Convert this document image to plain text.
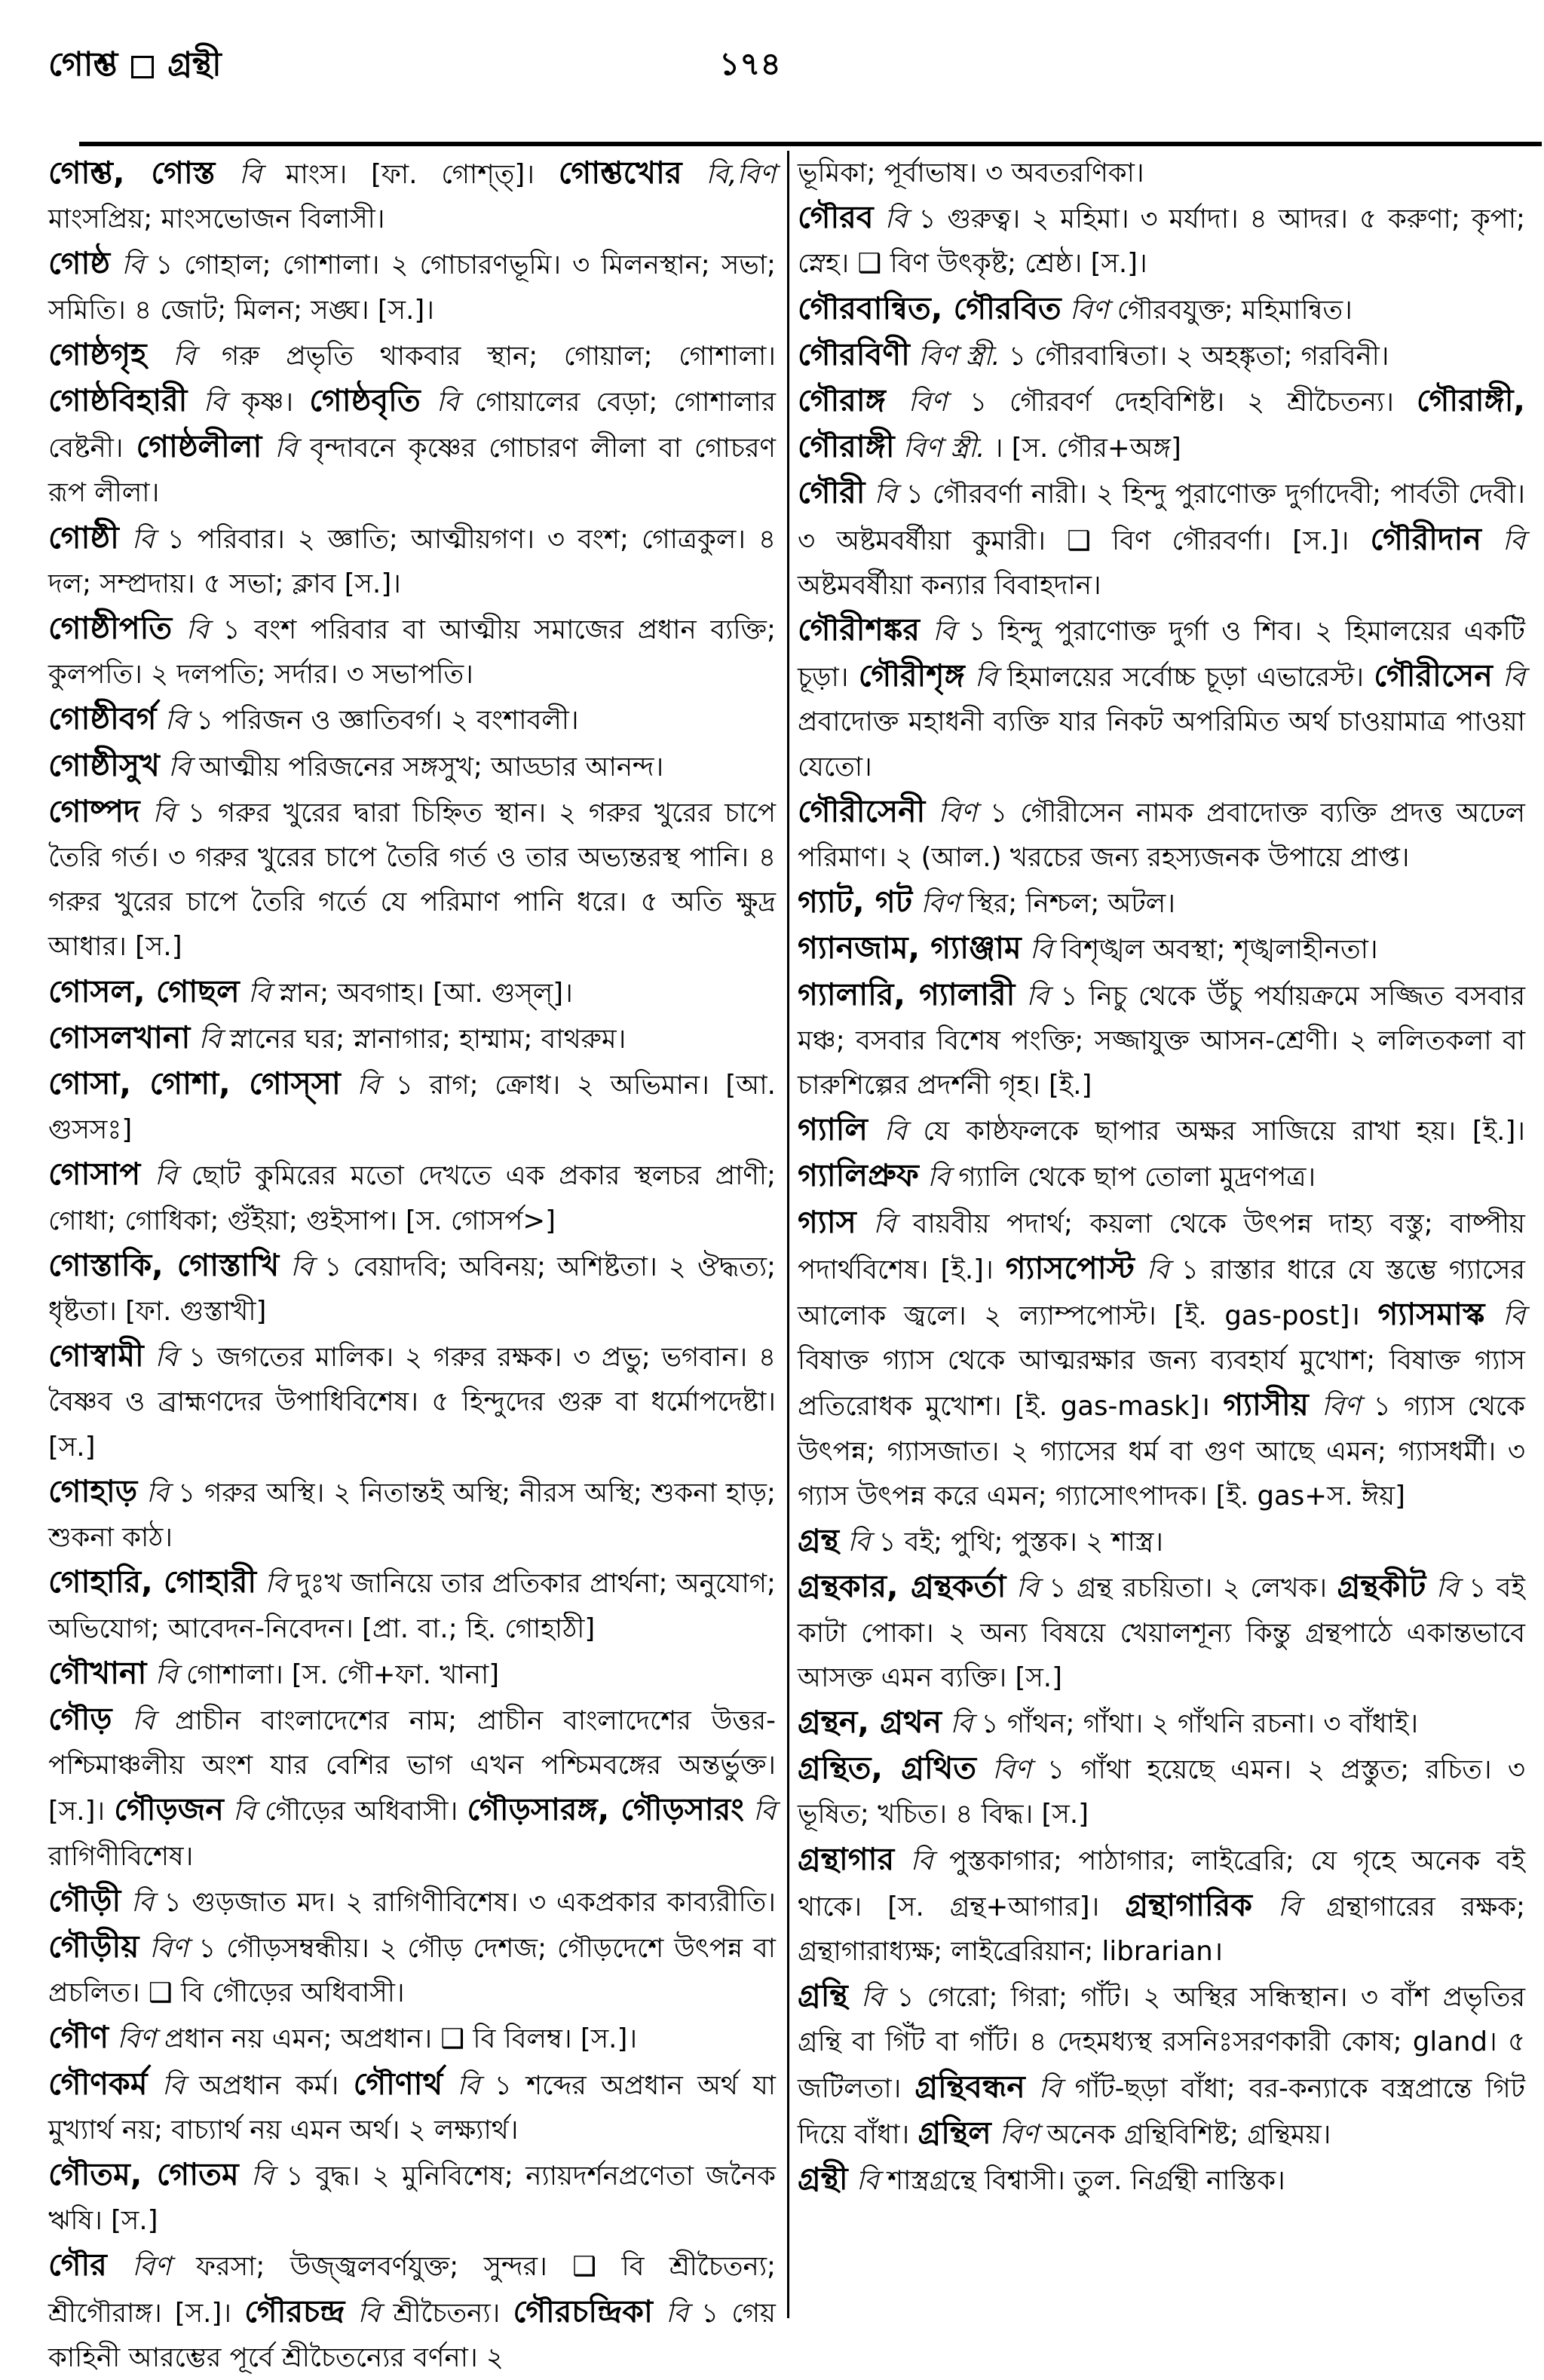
গোশ্ত গ্রন্থী	১৭৪

গোশ্ত, গোস্ত বি মাংস। [ফা. গোশ্ত্]। গোশ্তখোর বি,বিণ মাংসপ্রিয়; মাংসভোজন বিলাসী।

গোষ্ঠ বি ১ গোহাল; গোশালা। ২ গোচারণভূমি। ৩ মিলনস্থান; সভা; সমিতি। ৪ জোট; মিলন; সঙ্ঘ। [স.]।

গোষ্ঠগৃহ বি গরু প্রভৃতি থাকবার স্থান; গোয়াল; গোশালা। গোষ্ঠবিহারী বি কৃষ্ণ। গোষ্ঠবৃতি বি গোয়ালের বেড়া; গোশালার বেষ্টনী। গোষ্ঠলীলা বি বৃন্দাবনে কৃষ্ণের গোচারণ লীলা বা গোচরণ রূপ লীলা।

গোষ্ঠী বি ১ পরিবার। ২ জ্ঞাতি; আত্মীয়গণ। ৩ বংশ; গোত্রকুল। ৪ দল; সম্প্রদায়। ৫ সভা; ক্লাব [স.]।

গোষ্ঠীপতি বি ১ বংশ পরিবার বা আত্মীয় সমাজের প্রধান ব্যক্তি; কুলপতি। ২ দলপতি; সর্দার। ৩ সভাপতি।

গোষ্ঠীবর্গ বি ১ পরিজন ও জ্ঞাতিবর্গ। ২ বংশাবলী।

গোষ্ঠীসুখ বি আত্মীয় পরিজনের সঙ্গসুখ; আড্ডার আনন্দ।

গোষ্পদ বি ১ গরুর খুরের দ্বারা চিহ্নিত স্থান। ২ গরুর খুরের চাপে তৈরি গর্ত। ৩ গরুর খুরের চাপে তৈরি গর্ত ও তার অভ্যন্তরস্থ পানি। ৪ গরুর খুরের চাপে তৈরি গর্তে যে পরিমাণ পানি ধরে। ৫ অতি ক্ষুদ্র আধার। [স.]

গোসল, গোছল বি স্নান; অবগাহ। [আ. গুস্ল্]।

গোসলখানা বি স্নানের ঘর; স্নানাগার; হাম্মাম; বাথরুম।

গোসা, গোশা, গোস্সা বি ১ রাগ; ক্রোধ। ২ অভিমান। [আ. গুসসঃ]

গোসাপ বি ছোট কুমিরের মতো দেখতে এক প্রকার স্থলচর প্রাণী; গোধা; গোধিকা; গুঁইয়া; গুইসাপ। [স. গোসর্প>]

গোস্তাকি, গোস্তাখি বি ১ বেয়াদবি; অবিনয়; অশিষ্টতা। ২ ঔদ্ধত্য; ধৃষ্টতা। [ফা. গুস্তাখী]

গোস্বামী বি ১ জগতের মালিক। ২ গরুর রক্ষক। ৩ প্রভু; ভগবান। ৪ বৈষ্ণব ও ব্রাহ্মণদের উপাধিবিশেষ। ৫ হিন্দুদের গুরু বা ধর্মোপদেষ্টা। [স.]

গোহাড় বি ১ গরুর অস্থি। ২ নিতান্তই অস্থি; নীরস অস্থি; শুকনা হাড়; শুকনা কাঠ।

গোহারি, গোহারী বি দুঃখ জানিয়ে তার প্রতিকার প্রার্থনা; অনুযোগ; অভিযোগ; আবেদন-নিবেদন। [প্রা. বা.; হি. গোহাঠী]

গৌখানা বি গোশালা। [স. গৌ+ফা. খানা]

গৌড় বি প্রাচীন বাংলাদেশের নাম; প্রাচীন বাংলাদেশের উত্তর-পশ্চিমাঞ্চলীয় অংশ যার বেশির ভাগ এখন পশ্চিমবঙ্গের অন্তর্ভুক্ত। [স.]। গৌড়জন বি গৌড়ের অধিবাসী। গৌড়সারঙ্গ, গৌড়সারং বি রাগিণীবিশেষ।

গৌড়ী বি ১ গুড়জাত মদ। ২ রাগিণীবিশেষ। ৩ একপ্রকার কাব্যরীতি। গৌড়ীয় বিণ ১ গৌড়সম্বন্ধীয়। ২ গৌড় দেশজ; গৌড়দেশে উৎপন্ন বা প্রচলিত। ❑ বি গৌড়ের অধিবাসী।

গৌণ বিণ প্রধান নয় এমন; অপ্রধান। ❑ বি বিলম্ব। [স.]।

গৌণকর্ম বি অপ্রধান কর্ম। গৌণার্থ বি ১ শব্দের অপ্রধান অর্থ যা মুখ্যার্থ নয়; বাচ্যার্থ নয় এমন অর্থ। ২ লক্ষ্যার্থ।

গৌতম, গোতম বি ১ বুদ্ধ। ২ মুনিবিশেষ; ন্যায়দর্শনপ্রণেতা জনৈক ঋষি। [স.]

গৌর বিণ ফরসা; উজ্জ্বলবর্ণযুক্ত; সুন্দর। ❑ বি শ্রীচৈতন্য; শ্রীগৌরাঙ্গ। [স.]। গৌরচন্দ্র বি শ্রীচৈতন্য। গৌরচন্দ্রিকা বি ১ গেয় কাহিনী আরম্ভের পূর্বে শ্রীচৈতন্যের বর্ণনা। ২

ভূমিকা; পূর্বাভাষ। ৩ অবতরণিকা।

গৌরব বি ১ গুরুত্ব। ২ মহিমা। ৩ মর্যাদা। ৪ আদর। ৫ করুণা; কৃপা; স্নেহ। ❑ বিণ উৎকৃষ্ট; শ্রেষ্ঠ। [স.]।

গৌরবান্বিত, গৌরবিত বিণ গৌরবযুক্ত; মহিমান্বিত।

গৌরবিণী বিণ স্ত্রী. ১ গৌরবান্বিতা। ২ অহঙ্কৃতা; গরবিনী।

গৌরাঙ্গ বিণ ১ গৌরবর্ণ দেহবিশিষ্ট। ২ শ্রীচৈতন্য। গৌরাঙ্গী, গৌরাঙ্গী বিণ স্ত্রী. । [স. গৌর+অঙ্গ]

গৌরী বি ১ গৌরবর্ণা নারী। ২ হিন্দু পুরাণোক্ত দুর্গাদেবী; পার্বতী দেবী। ৩ অষ্টমবর্ষীয়া কুমারী। ❑ বিণ গৌরবর্ণা। [স.]। গৌরীদান বি অষ্টমবর্ষীয়া কন্যার বিবাহদান।

গৌরীশঙ্কর বি ১ হিন্দু পুরাণোক্ত দুর্গা ও শিব। ২ হিমালয়ের একটি চূড়া। গৌরীশৃঙ্গ বি হিমালয়ের সর্বোচ্চ চূড়া এভারেস্ট। গৌরীসেন বি প্রবাদোক্ত মহাধনী ব্যক্তি যার নিকট অপরিমিত অর্থ চাওয়ামাত্র পাওয়া যেতো।

গৌরীসেনী বিণ ১ গৌরীসেন নামক প্রবাদোক্ত ব্যক্তি প্রদত্ত অঢেল পরিমাণ। ২ (আল.) খরচের জন্য রহস্যজনক উপায়ে প্রাপ্ত।

গ্যাট, গট বিণ স্থির; নিশ্চল; অটল।

গ্যানজাম, গ্যাঞ্জাম বি বিশৃঙ্খল অবস্থা; শৃঙ্খলাহীনতা।

গ্যালারি, গ্যালারী বি ১ নিচু থেকে উঁচু পর্যায়ক্রমে সজ্জিত বসবার মঞ্চ; বসবার বিশেষ পংক্তি; সজ্জাযুক্ত আসন-শ্রেণী। ২ ললিতকলা বা চারুশিল্পের প্রদর্শনী গৃহ। [ই.]

গ্যালি বি যে কাষ্ঠফলকে ছাপার অক্ষর সাজিয়ে রাখা হয়। [ই.]। গ্যালিপ্রুফ বি গ্যালি থেকে ছাপ তোলা মুদ্রণপত্র।

গ্যাস বি বায়বীয় পদার্থ; কয়লা থেকে উৎপন্ন দাহ্য বস্তু; বাষ্পীয় পদার্থবিশেষ। [ই.]। গ্যাসপোস্ট বি ১ রাস্তার ধারে যে স্তম্ভে গ্যাসের আলোক জ্বলে। ২ ল্যাম্পপোস্ট। [ই. gas-post]। গ্যাসমাস্ক বি বিষাক্ত গ্যাস থেকে আত্মরক্ষার জন্য ব্যবহার্য মুখোশ; বিষাক্ত গ্যাস প্রতিরোধক মুখোশ। [ই. gas-mask]। গ্যাসীয় বিণ ১ গ্যাস থেকে উৎপন্ন; গ্যাসজাত। ২ গ্যাসের ধর্ম বা গুণ আছে এমন; গ্যাসধর্মী। ৩ গ্যাস উৎপন্ন করে এমন; গ্যাসোৎপাদক। [ই. gas+স. ঈয়]

গ্রন্থ বি ১ বই; পুথি; পুস্তক। ২ শাস্ত্র।

গ্রন্থকার, গ্রন্থকর্তা বি ১ গ্রন্থ রচয়িতা। ২ লেখক। গ্রন্থকীট বি ১ বই কাটা পোকা। ২ অন্য বিষয়ে খেয়ালশূন্য কিন্তু গ্রন্থপাঠে একান্তভাবে আসক্ত এমন ব্যক্তি। [স.]

গ্রন্থন, গ্রথন বি ১ গাঁথন; গাঁথা। ২ গাঁথনি রচনা। ৩ বাঁধাই।

গ্রন্থিত, গ্রথিত বিণ ১ গাঁথা হয়েছে এমন। ২ প্রস্তুত; রচিত। ৩ ভূষিত; খচিত। ৪ বিদ্ধ। [স.]

গ্রন্থাগার বি পুস্তকাগার; পাঠাগার; লাইব্রেরি; যে গৃহে অনেক বই থাকে। [স. গ্রন্থ+আগার]। গ্রন্থাগারিক বি গ্রন্থাগারের রক্ষক; গ্রন্থাগারাধ্যক্ষ; লাইব্রেরিয়ান; librarian।

গ্রন্থি বি ১ গেরো; গিরা; গাঁট। ২ অস্থির সন্ধিস্থান। ৩ বাঁশ প্রভৃতির গ্রন্থি বা গিঁট বা গাঁট। ৪ দেহমধ্যস্থ রসনিঃসরণকারী কোষ; gland। ৫ জটিলতা। গ্রন্থিবন্ধন বি গাঁট-ছড়া বাঁধা; বর-কন্যাকে বস্ত্রপ্রান্তে গিট দিয়ে বাঁধা। গ্রন্থিল বিণ অনেক গ্রন্থিবিশিষ্ট; গ্রন্থিময়।

গ্রন্থী বি শাস্ত্রগ্রন্থে বিশ্বাসী। তুল. নির্গ্রন্থী নাস্তিক।
